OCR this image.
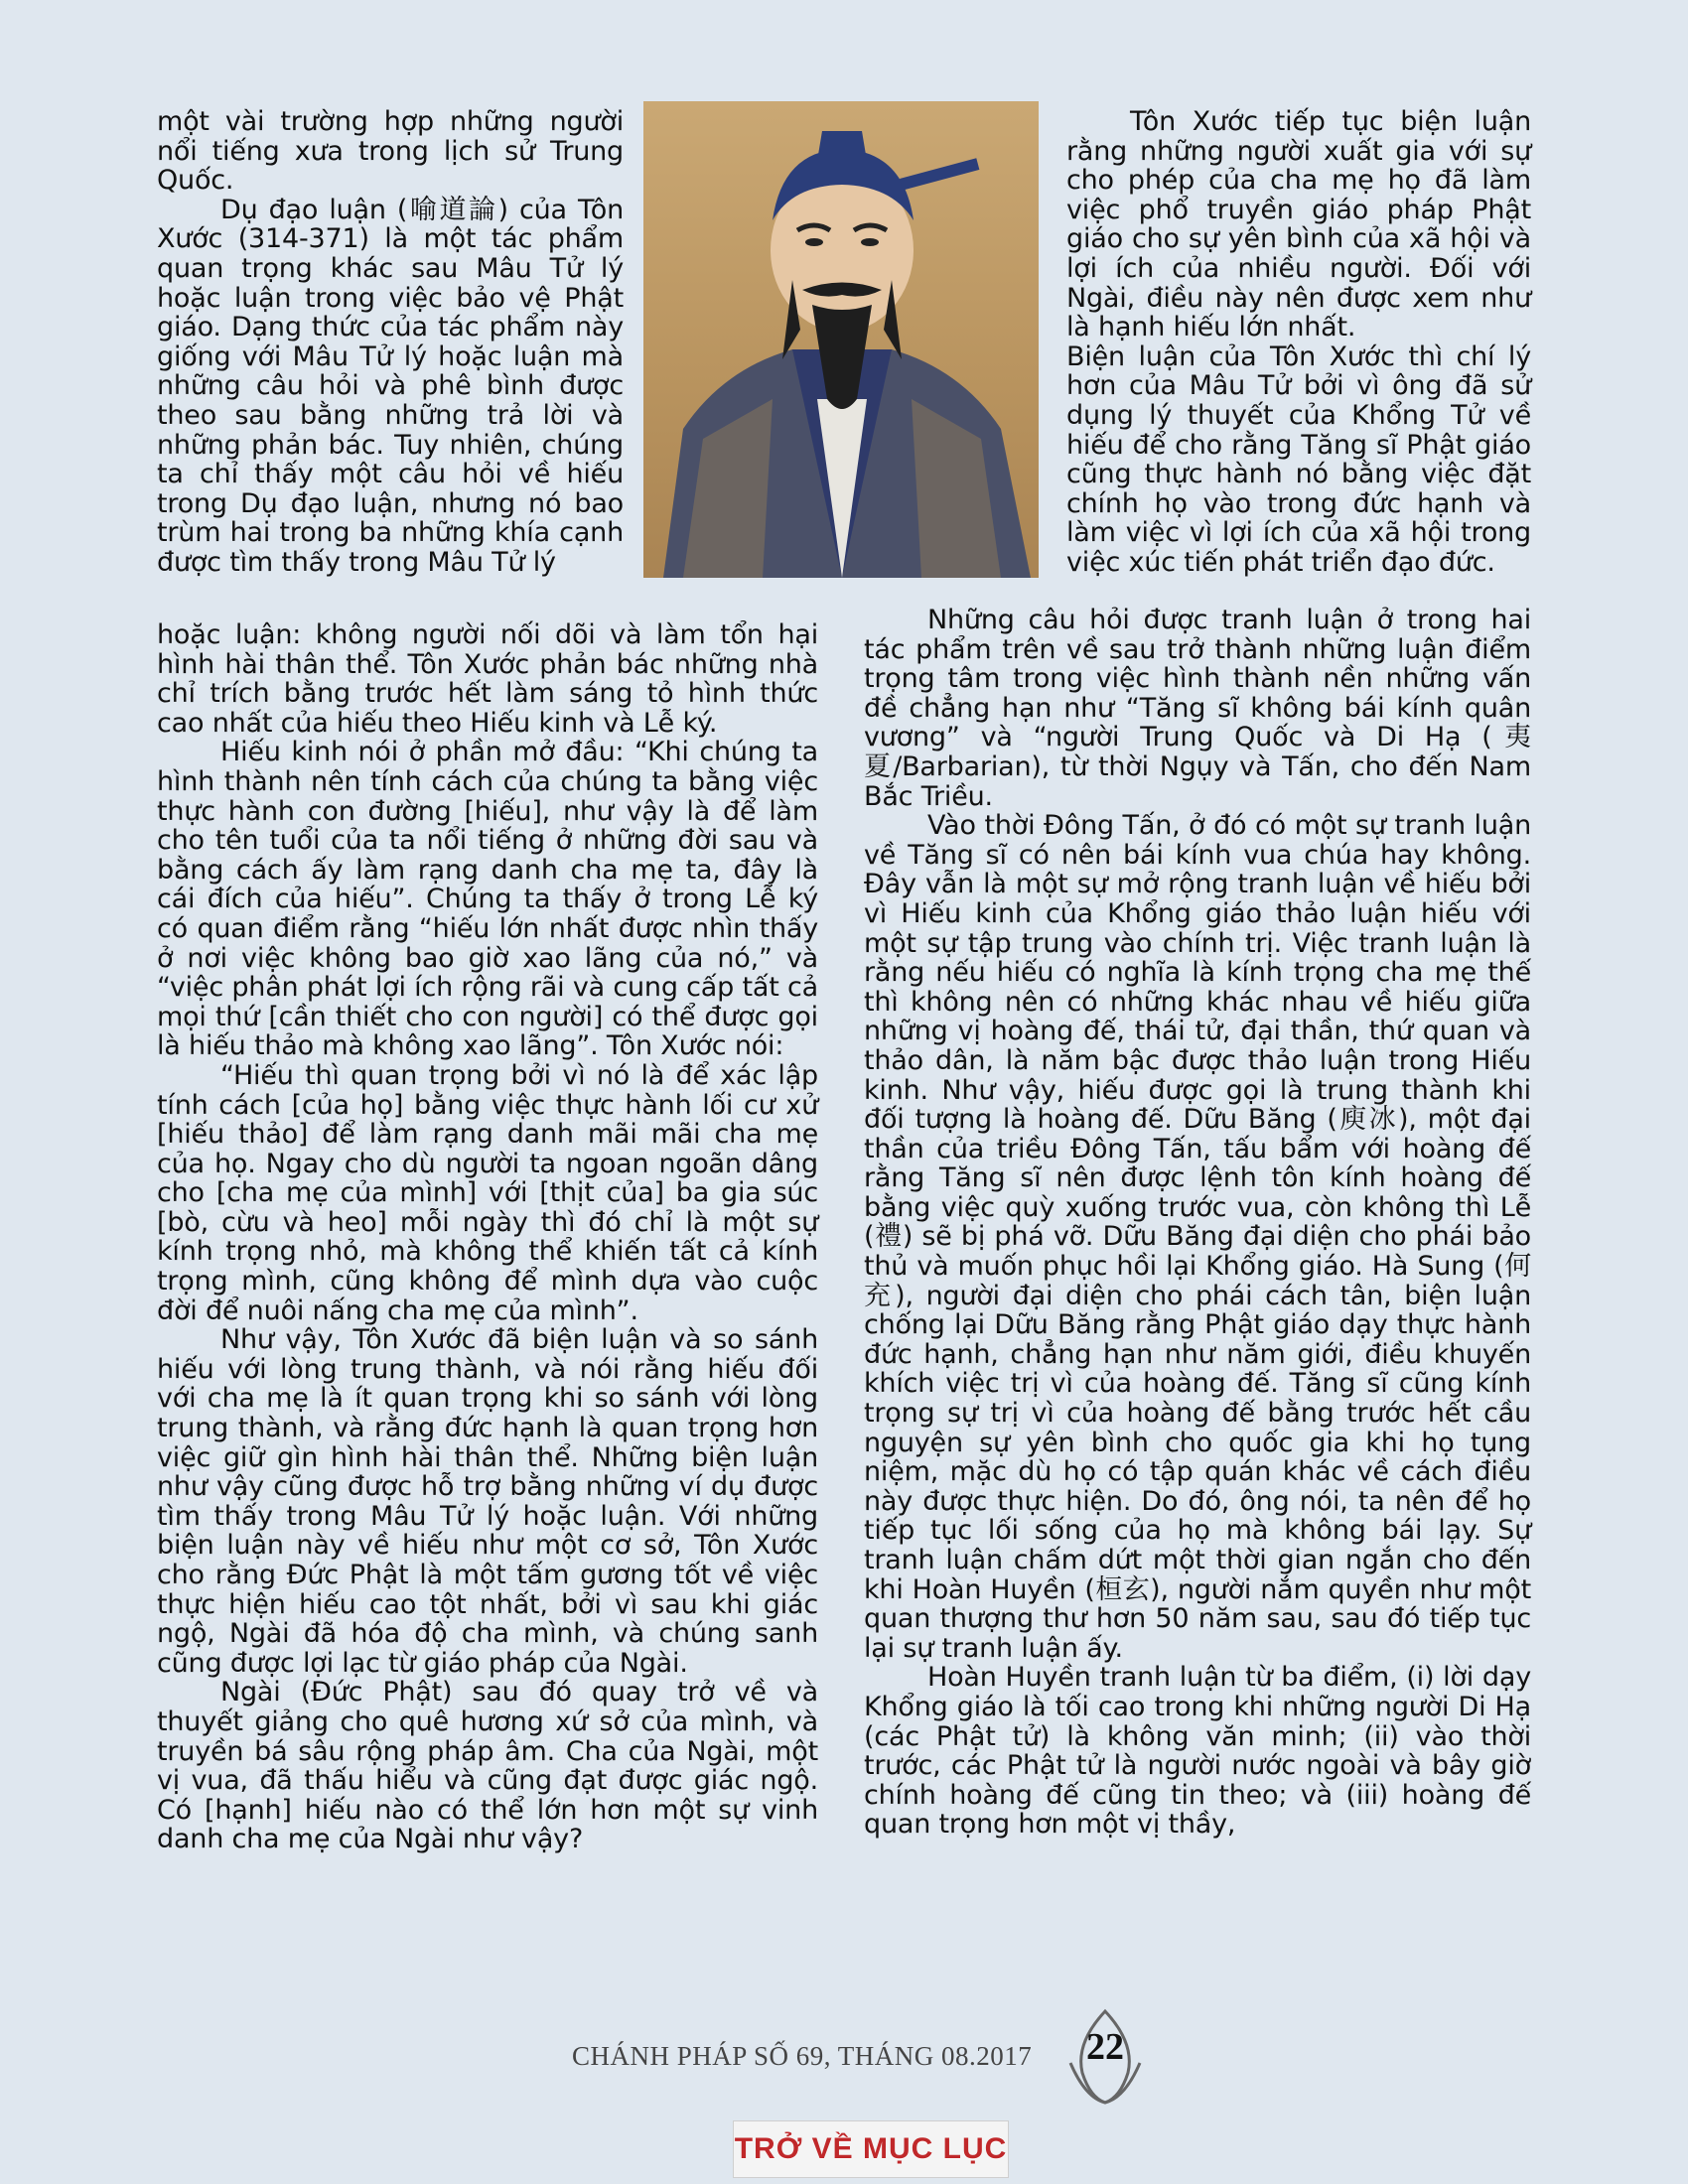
một vài trường hợp những người nổi tiếng xưa trong lịch sử Trung Quốc.

Dụ đạo luận (喻道論) của Tôn Xước (314-371) là một tác phẩm quan trọng khác sau Mâu Tử lý hoặc luận trong việc bảo vệ Phật giáo. Dạng thức của tác phẩm này giống với Mâu Tử lý hoặc luận mà những câu hỏi và phê bình được theo sau bằng những trả lời và những phản bác. Tuy nhiên, chúng ta chỉ thấy một câu hỏi về hiếu trong Dụ đạo luận, nhưng nó bao trùm hai trong ba những khía cạnh được tìm thấy trong Mâu Tử lý

hoặc luận: không người nối dõi và làm tổn hại hình hài thân thể. Tôn Xước phản bác những nhà chỉ trích bằng trước hết làm sáng tỏ hình thức cao nhất của hiếu theo Hiếu kinh và Lễ ký.

Hiếu kinh nói ở phần mở đầu: “Khi chúng ta hình thành nên tính cách của chúng ta bằng việc thực hành con đường [hiếu], như vậy là để làm cho tên tuổi của ta nổi tiếng ở những đời sau và bằng cách ấy làm rạng danh cha mẹ ta, đây là cái đích của hiếu”. Chúng ta thấy ở trong Lễ ký có quan điểm rằng “hiếu lớn nhất được nhìn thấy ở nơi việc không bao giờ xao lãng của nó,” và “việc phân phát lợi ích rộng rãi và cung cấp tất cả mọi thứ [cần thiết cho con người] có thể được gọi là hiếu thảo mà không xao lãng”. Tôn Xước nói:

“Hiếu thì quan trọng bởi vì nó là để xác lập tính cách [của họ] bằng việc thực hành lối cư xử [hiếu thảo] để làm rạng danh mãi mãi cha mẹ của họ. Ngay cho dù người ta ngoan ngoãn dâng cho [cha mẹ của mình] với [thịt của] ba gia súc [bò, cừu và heo] mỗi ngày thì đó chỉ là một sự kính trọng nhỏ, mà không thể khiến tất cả kính trọng mình, cũng không để mình dựa vào cuộc đời để nuôi nấng cha mẹ của mình”.

Như vậy, Tôn Xước đã biện luận và so sánh hiếu với lòng trung thành, và nói rằng hiếu đối với cha mẹ là ít quan trọng khi so sánh với lòng trung thành, và rằng đức hạnh là quan trọng hơn việc giữ gìn hình hài thân thể. Những biện luận như vậy cũng được hỗ trợ bằng những ví dụ được tìm thấy trong Mâu Tử lý hoặc luận. Với những biện luận này về hiếu như một cơ sở, Tôn Xước cho rằng Đức Phật là một tấm gương tốt về việc thực hiện hiếu cao tột nhất, bởi vì sau khi giác ngộ, Ngài đã hóa độ cha mình, và chúng sanh cũng được lợi lạc từ giáo pháp của Ngài.

Ngài (Đức Phật) sau đó quay trở về và thuyết giảng cho quê hương xứ sở của mình, và truyền bá sâu rộng pháp âm. Cha của Ngài, một vị vua, đã thấu hiểu và cũng đạt được giác ngộ. Có [hạnh] hiếu nào có thể lớn hơn một sự vinh danh cha mẹ của Ngài như vậy?

Tôn Xước tiếp tục biện luận rằng những người xuất gia với sự cho phép của cha mẹ họ đã làm việc phổ truyền giáo pháp Phật giáo cho sự yên bình của xã hội và lợi ích của nhiều người. Đối với Ngài, điều này nên được xem như là hạnh hiếu lớn nhất.

Biện luận của Tôn Xước thì chí lý hơn của Mâu Tử bởi vì ông đã sử dụng lý thuyết của Khổng Tử về hiếu để cho rằng Tăng sĩ Phật giáo cũng thực hành nó bằng việc đặt chính họ vào trong đức hạnh và làm việc vì lợi ích của xã hội trong việc xúc tiến phát triển đạo đức.

Những câu hỏi được tranh luận ở trong hai tác phẩm trên về sau trở thành những luận điểm trọng tâm trong việc hình thành nền những vấn đề chẳng hạn như “Tăng sĩ không bái kính quân vương” và “người Trung Quốc và Di Hạ (夷夏/Barbarian), từ thời Ngụy và Tấn, cho đến Nam Bắc Triều.

Vào thời Đông Tấn, ở đó có một sự tranh luận về Tăng sĩ có nên bái kính vua chúa hay không. Đây vẫn là một sự mở rộng tranh luận về hiếu bởi vì Hiếu kinh của Khổng giáo thảo luận hiếu với một sự tập trung vào chính trị. Việc tranh luận là rằng nếu hiếu có nghĩa là kính trọng cha mẹ thế thì không nên có những khác nhau về hiếu giữa những vị hoàng đế, thái tử, đại thần, thứ quan và thảo dân, là năm bậc được thảo luận trong Hiếu kinh. Như vậy, hiếu được gọi là trung thành khi đối tượng là hoàng đế. Dữu Băng (庾冰), một đại thần của triều Đông Tấn, tấu bẩm với hoàng đế rằng Tăng sĩ nên được lệnh tôn kính hoàng đế bằng việc quỳ xuống trước vua, còn không thì Lễ (禮) sẽ bị phá vỡ. Dữu Băng đại diện cho phái bảo thủ và muốn phục hồi lại Khổng giáo. Hà Sung (何充), người đại diện cho phái cách tân, biện luận chống lại Dữu Băng rằng Phật giáo dạy thực hành đức hạnh, chẳng hạn như năm giới, điều khuyến khích việc trị vì của hoàng đế. Tăng sĩ cũng kính trọng sự trị vì của hoàng đế bằng trước hết cầu nguyện sự yên bình cho quốc gia khi họ tụng niệm, mặc dù họ có tập quán khác về cách điều này được thực hiện. Do đó, ông nói, ta nên để họ tiếp tục lối sống của họ mà không bái lạy. Sự tranh luận chấm dứt một thời gian ngắn cho đến khi Hoàn Huyền (桓玄), người nắm quyền như một quan thượng thư hơn 50 năm sau, sau đó tiếp tục lại sự tranh luận ấy.

Hoàn Huyền tranh luận từ ba điểm, (i) lời dạy Khổng giáo là tối cao trong khi những người Di Hạ (các Phật tử) là không văn minh; (ii) vào thời trước, các Phật tử là người nước ngoài và bây giờ chính hoàng đế cũng tin theo; và (iii) hoàng đế quan trọng hơn một vị thầy,

CHÁNH PHÁP SỐ 69, THÁNG 08.2017	22
TRỞ VỀ MỤC LỤC
